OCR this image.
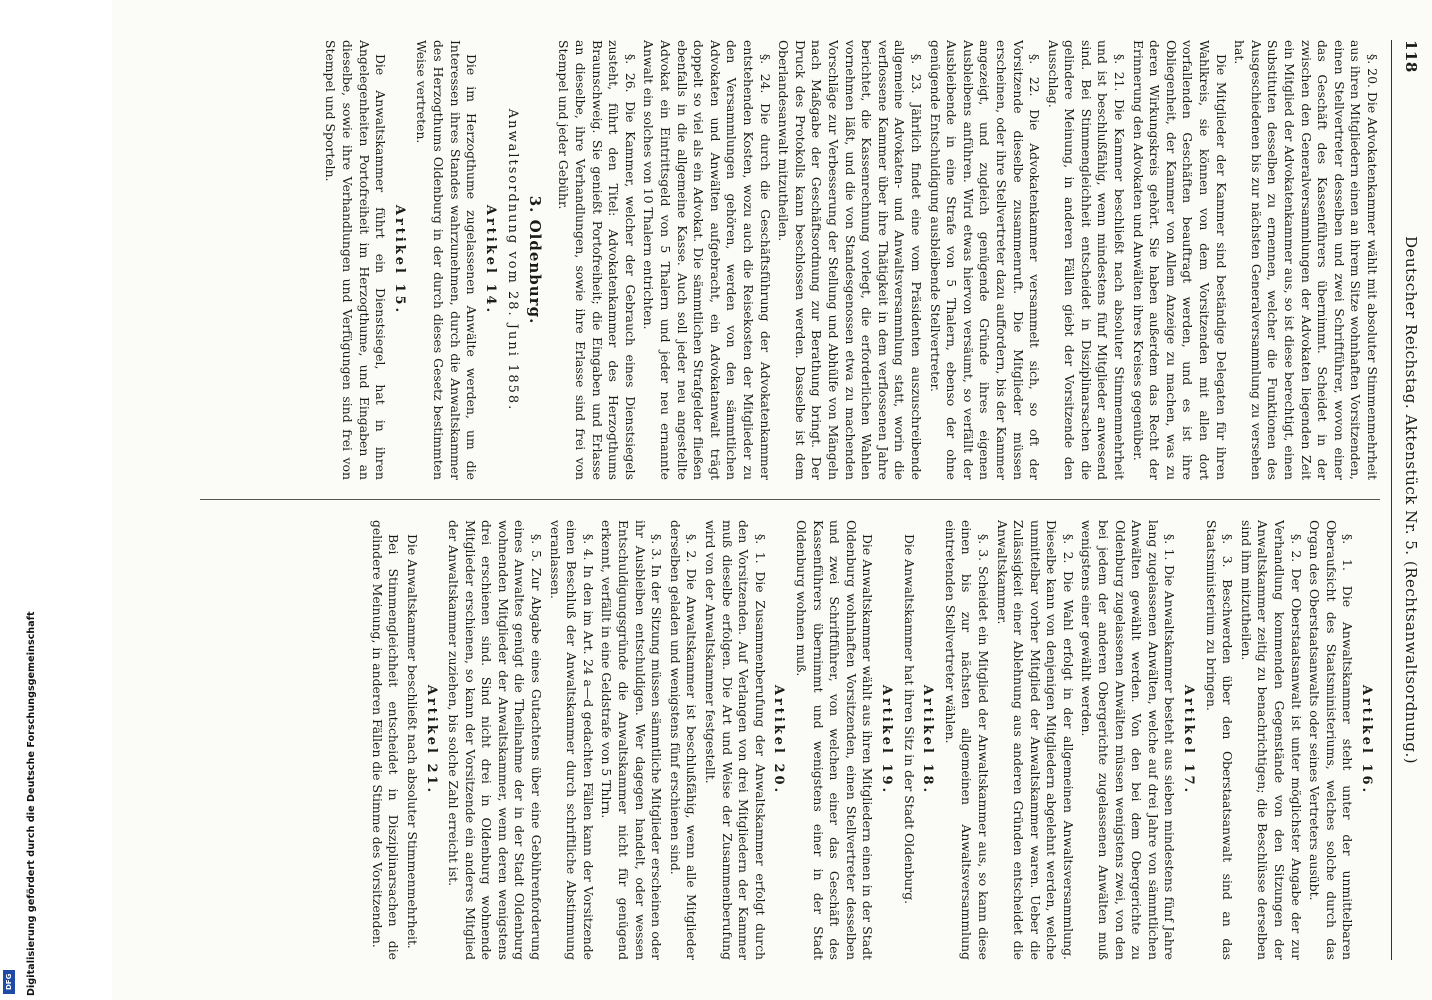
Digitalisierung gefördert durch die Deutsche Forschungsgemeinschaft
DFG
Deutscher Reichstag. Aktenstück Nr. 5. (Rechtsanwaltsordnung.)
118

§. 20. Die Advokatenkammer wählt mit absoluter Stimmenmehrheit aus ihren Mitgliedern einen an ihrem Sitze wohnhaften Vorsitzenden, einen Stellvertreter desselben und zwei Schriftführer, wovon einer das Geschäft des Kassenführers übernimmt. Scheidet in der zwischen den Generalversammlungen der Advokaten liegenden Zeit ein Mitglied der Advokatenkammer aus, so ist diese berechtigt, einen Substituten desselben zu ernennen, welcher die Funktionen des Ausgeschiedenen bis zur nächsten Generalversammlung zu versehen hat.

Die Mitglieder der Kammer sind beständige Delegaten für ihren Wahlkreis, sie können von dem Vorsitzenden mit allen dort vorfallenden Geschäften beauftragt werden, und es ist ihre Obliegenheit, der Kammer von Allem Anzeige zu machen, was zu deren Wirkungskreis gehört. Sie haben außerdem das Recht der Erinnerung den Advokaten und Anwälten ihres Kreises gegenüber.

§. 21. Die Kammer beschließt nach absoluter Stimmenmehrheit und ist beschlußfähig, wenn mindestens fünf Mitglieder anwesend sind. Bei Stimmengleichheit entscheidet in Disziplinarsachen die gelindere Meinung, in anderen Fällen giebt der Vorsitzende den Ausschlag.

§. 22. Die Advokatenkammer versammelt sich, so oft der Vorsitzende dieselbe zusammenruft. Die Mitglieder müssen erscheinen, oder ihre Stellvertreter dazu auffordern, bis der Kammer angezeigt, und zugleich genügende Gründe ihres eigenen Ausbleibens anführen. Wird etwas hiervon versäumt, so verfällt der Ausbleibende in eine Strafe von 5 Thalern, ebenso der ohne genügende Entschuldigung ausbleibende Stellvertreter.

§. 23. Jährlich findet eine vom Präsidenten auszuschreibende allgemeine Advokaten- und Anwaltsversammlung statt, worin die verflossene Kammer über ihre Thätigkeit in dem verflossenen Jahre berichtet, die Kassenrechnung vorlegt, die erforderlichen Wahlen vornehmen läßt, und die von Standesgenossen etwa zu machenden Vorschläge zur Verbesserung der Stellung und Abhülfe von Mängeln nach Maßgabe der Geschäftsordnung zur Berathung bringt. Der Druck des Protokolls kann beschlossen werden. Dasselbe ist dem Oberlandesanwalt mitzutheilen.

§. 24. Die durch die Geschäftsführung der Advokatenkammer entstehenden Kosten, wozu auch die Reisekosten der Mitglieder zu den Versammlungen gehören, werden von den sämmtlichen Advokaten und Anwälten aufgebracht, ein Advokatanwalt trägt doppelt so viel als ein Advokat. Die sämmtlichen Strafgelder fließen ebenfalls in die allgemeine Kasse. Auch soll jeder neu angestellte Advokat ein Eintrittsgeld von 5 Thalern und jeder neu ernannte Anwalt ein solches von 10 Thalern entrichten.

§. 26. Die Kammer, welcher der Gebrauch eines Dienstsiegels zusteht, führt den Titel: Advokatenkammer des Herzogthums Braunschweig. Sie genießt Portofreiheit; die Eingaben und Erlasse an dieselbe, ihre Verhandlungen, sowie ihre Erlasse sind frei von Stempel und jeder Gebühr.

3. Oldenburg.

Anwaltsordnung vom 28. Juni 1858.

Artikel 14.

Die im Herzogthume zugelassenen Anwälte werden, um die Interessen ihres Standes wahrzunehmen, durch die Anwaltskammer des Herzogthums Oldenburg in der durch dieses Gesetz bestimmten Weise vertreten.

Artikel 15.

Die Anwaltskammer führt ein Dienstsiegel, hat in ihren Angelegenheiten Portofreiheit im Herzogthume, und Eingaben an dieselbe, sowie ihre Verhandlungen und Verfügungen sind frei von Stempel und Sporteln.

Artikel 16.

§. 1. Die Anwaltskammer steht unter der unmittelbaren Oberaufsicht des Staatsministeriums, welches solche durch das Organ des Oberstaatsanwalts oder seines Vertreters ausübt.

§. 2. Der Oberstaatsanwalt ist unter möglichster Angabe der zur Verhandlung kommenden Gegenstände von den Sitzungen der Anwaltskammer zeitig zu benachrichtigen; die Beschlüsse derselben sind ihm mitzutheilen.

§. 3. Beschwerden über den Oberstaatsanwalt sind an das Staatsministerium zu bringen.

Artikel 17.

§. 1. Die Anwaltskammer besteht aus sieben mindestens fünf Jahre lang zugelassenen Anwälten, welche auf drei Jahre von sämmtlichen Anwälten gewählt werden. Von den bei dem Obergerichte zu Oldenburg zugelassenen Anwälten müssen wenigstens zwei, von den bei jedem der anderen Obergerichte zugelassenen Anwälten muß wenigstens einer gewählt werden.

§. 2. Die Wahl erfolgt in der allgemeinen Anwaltsversammlung. Dieselbe kann von denjenigen Mitgliedern abgelehnt werden, welche unmittelbar vorher Mitglied der Anwaltskammer waren. Ueber die Zulässigkeit einer Ablehnung aus anderen Gründen entscheidet die Anwaltskammer.

§. 3. Scheidet ein Mitglied der Anwaltskammer aus, so kann diese einen bis zur nächsten allgemeinen Anwaltsversammlung eintretenden Stellvertreter wählen.

Artikel 18.

Die Anwaltskammer hat ihren Sitz in der Stadt Oldenburg.

Artikel 19.

Die Anwaltskammer wählt aus ihren Mitgliedern einen in der Stadt Oldenburg wohnhaften Vorsitzenden, einen Stellvertreter desselben und zwei Schriftführer, von welchen einer das Geschäft des Kassenführers übernimmt und wenigstens einer in der Stadt Oldenburg wohnen muß.

Artikel 20.

§. 1. Die Zusammenberufung der Anwaltskammer erfolgt durch den Vorsitzenden. Auf Verlangen von drei Mitgliedern der Kammer muß dieselbe erfolgen. Die Art und Weise der Zusammenberufung wird von der Anwaltskammer festgestellt.

§. 2. Die Anwaltskammer ist beschlußfähig, wenn alle Mitglieder derselben geladen und wenigstens fünf erschienen sind.

§. 3. In der Sitzung müssen sämmtliche Mitglieder erscheinen oder ihr Ausbleiben entschuldigen. Wer dagegen handelt, oder wessen Entschuldigungsgründe die Anwaltskammer nicht für genügend erkennt, verfällt in eine Geldstrafe von 5 Thlrn.

§. 4. In den im Art. 24 a—d gedachten Fällen kann der Vorsitzende einen Beschluß der Anwaltskammer durch schriftliche Abstimmung veranlassen.

§. 5. Zur Abgabe eines Gutachtens über eine Gebührenforderung eines Anwaltes genügt die Theilnahme der in der Stadt Oldenburg wohnenden Mitglieder der Anwaltskammer, wenn deren wenigstens drei erschienen sind. Sind nicht drei in Oldenburg wohnende Mitglieder erschienen, so kann der Vorsitzende ein anderes Mitglied der Anwaltskammer zuziehen, bis solche Zahl erreicht ist.

Artikel 21.

Die Anwaltskammer beschließt nach absoluter Stimmenmehrheit.

Bei Stimmengleichheit entscheidet in Disziplinarsachen die gelindere Meinung, in anderen Fällen die Stimme des Vorsitzenden.
